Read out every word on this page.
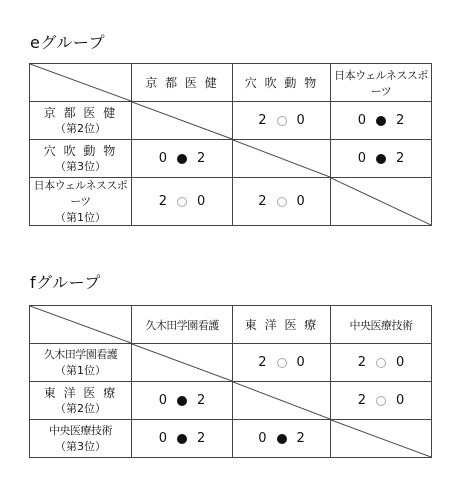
eグループ
	京 都 医 健	穴 吹 動 物	日本ウェルネススポーツ

京 都 医 健
（第2位）		2 0	0 2

穴 吹 動 物
（第3位）	0 2		0 2

日本ウェルネススポーツ
（第1位）	2 0	2 0

fグループ
	久木田学園看護	東 洋 医 療	中央医療技術

久木田学園看護
（第1位）		2 0	2 0

東 洋 医 療
（第2位）	0 2		2 0

中央医療技術
（第3位）	0 2	0 2
